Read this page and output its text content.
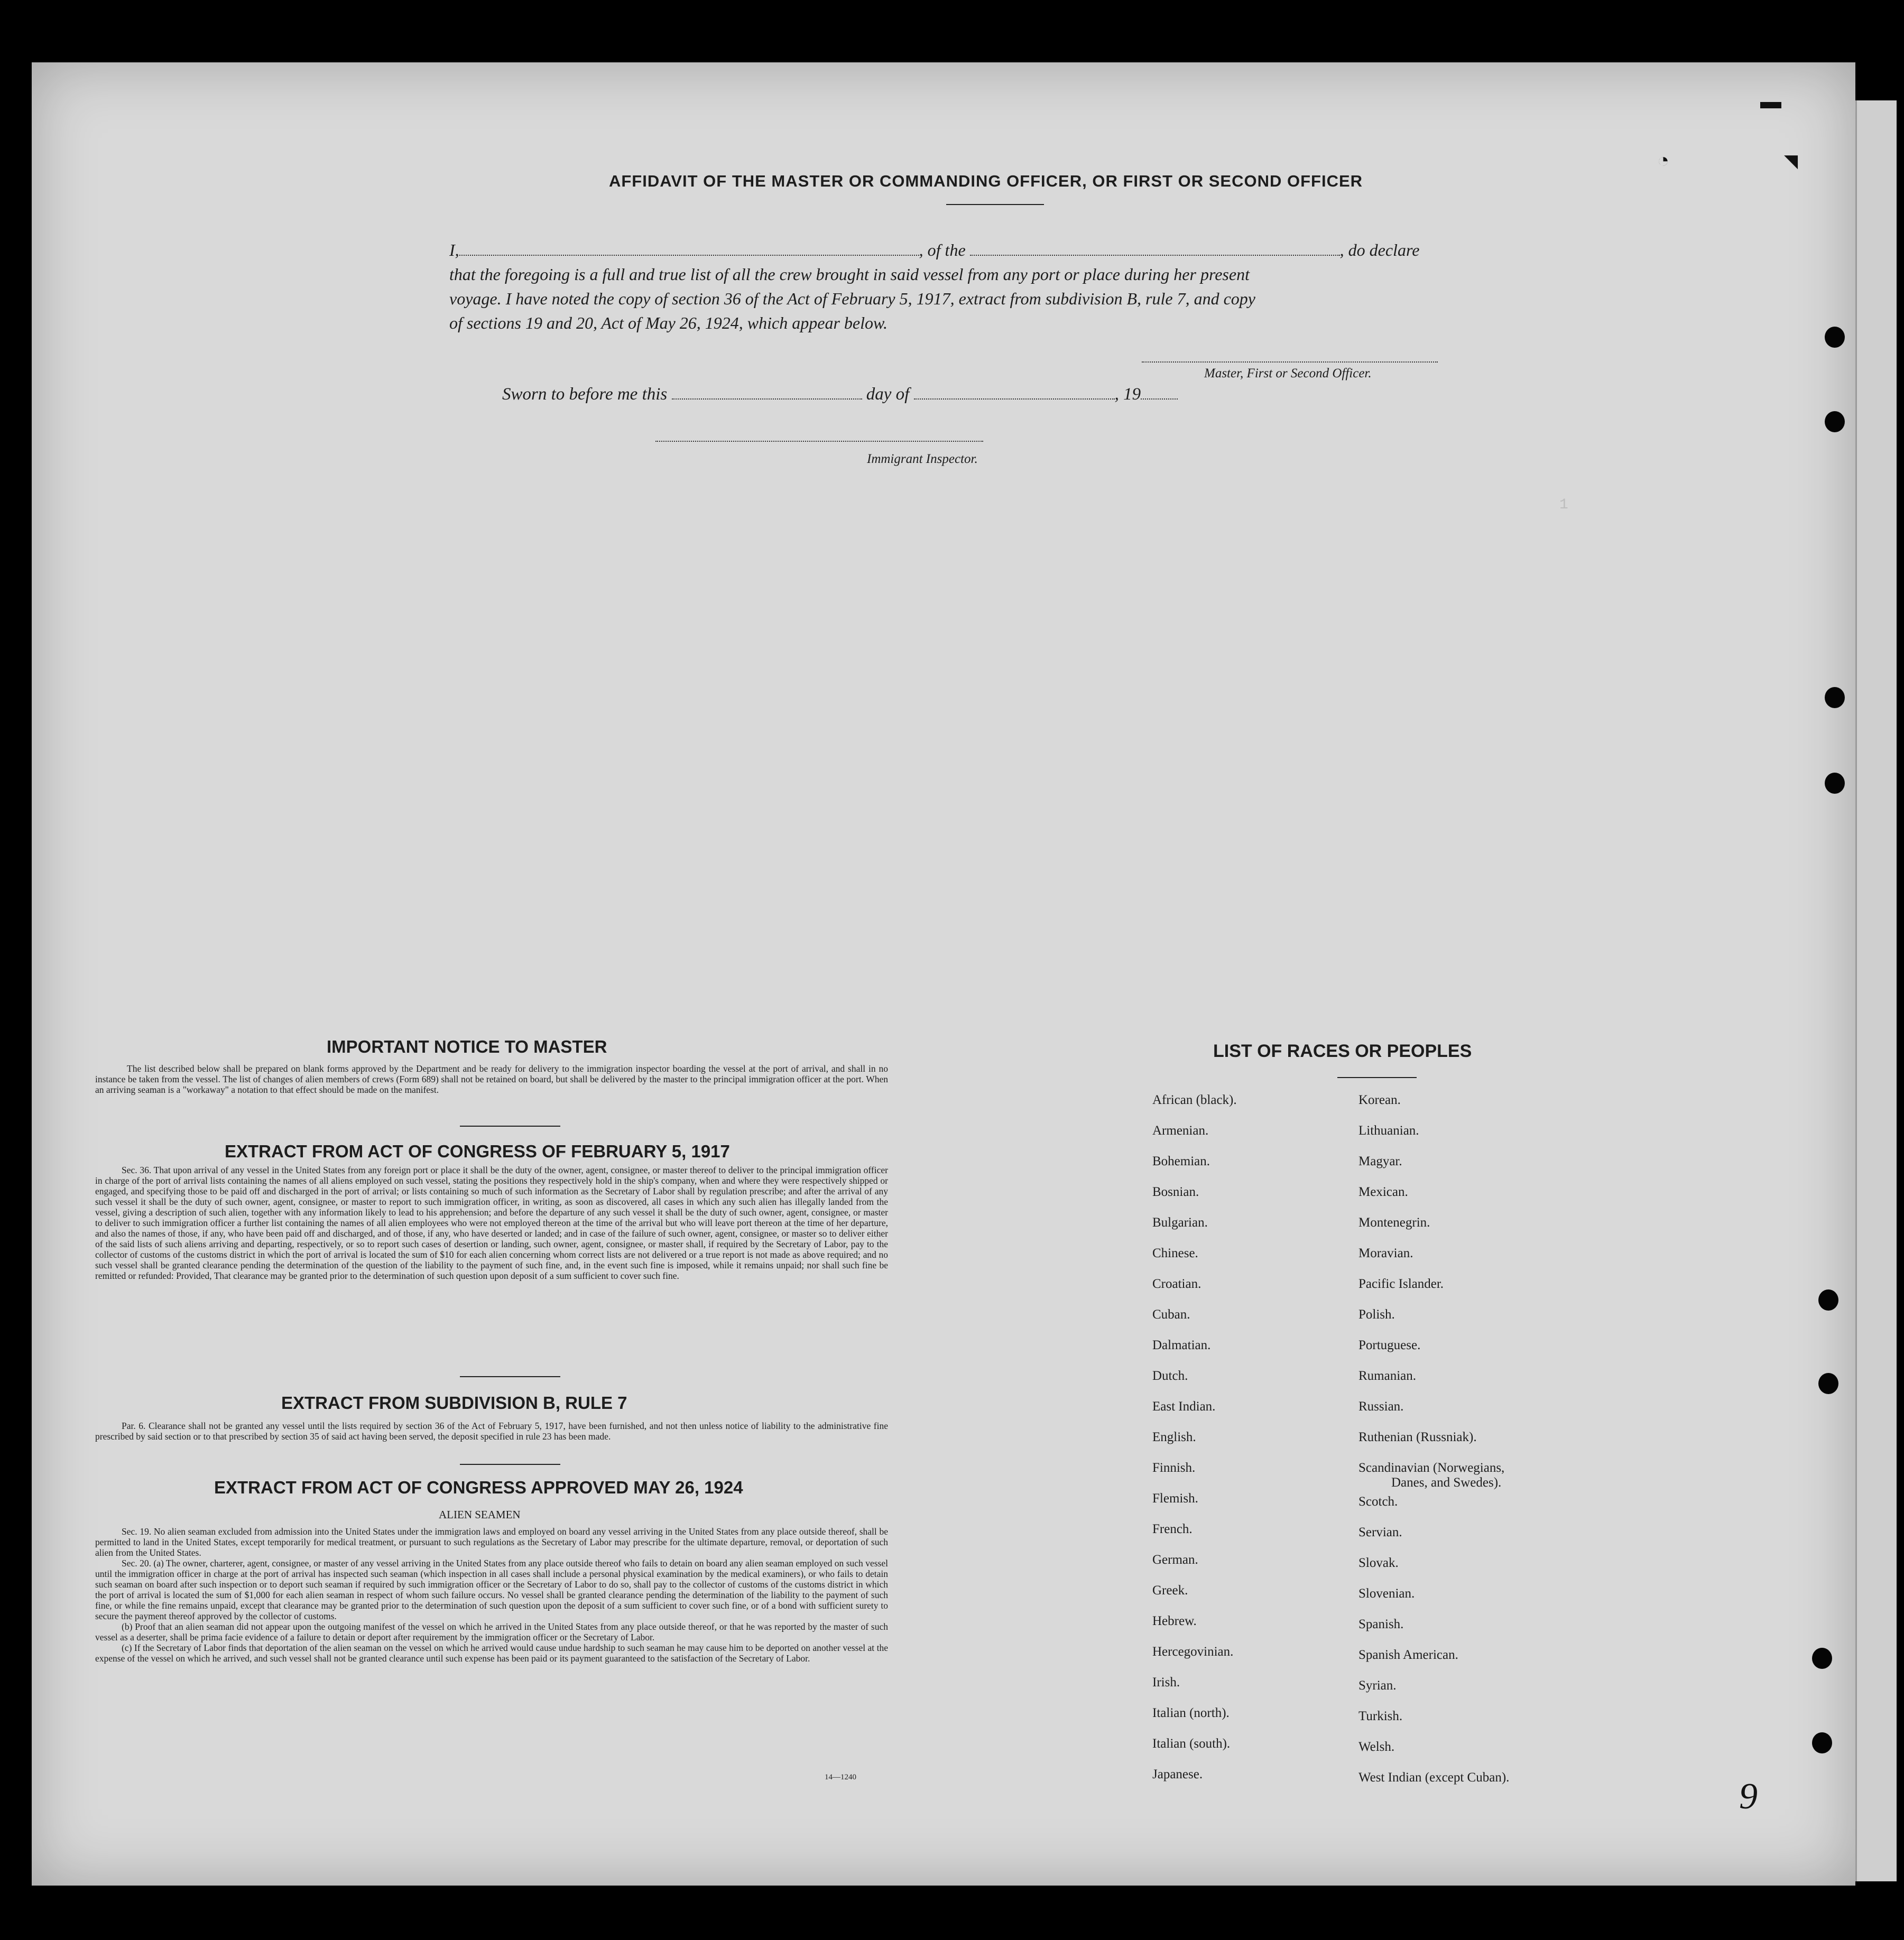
▬
◔	◥
1
AFFIDAVIT OF THE MASTER OR COMMANDING OFFICER, OR FIRST OR SECOND OFFICER
I,	, of the	, do declare
that the foregoing is a full and true list of all the crew brought in said vessel from any port or place during her present
voyage. I have noted the copy of section 36 of the Act of February 5, 1917, extract from subdivision B, rule 7, and copy
of sections 19 and 20, Act of May 26, 1924, which appear below.
Master, First or Second Officer.
Sworn to before me this	day of	, 19
Immigrant Inspector.
IMPORTANT NOTICE TO MASTER

The list described below shall be prepared on blank forms approved by the Department and be ready for delivery to the immigration inspector boarding the vessel at the port of arrival, and shall in no instance be taken from the vessel. The list of changes of alien members of crews (Form 689) shall not be retained on board, but shall be delivered by the master to the principal immigration officer at the port. When an arriving seaman is a "workaway" a notation to that effect should be made on the manifest.

EXTRACT FROM ACT OF CONGRESS OF FEBRUARY 5, 1917

Sec. 36. That upon arrival of any vessel in the United States from any foreign port or place it shall be the duty of the owner, agent, consignee, or master thereof to deliver to the principal immigration officer in charge of the port of arrival lists containing the names of all aliens employed on such vessel, stating the positions they respectively hold in the ship's company, when and where they were respectively shipped or engaged, and specifying those to be paid off and discharged in the port of arrival; or lists containing so much of such information as the Secretary of Labor shall by regulation prescribe; and after the arrival of any such vessel it shall be the duty of such owner, agent, consignee, or master to report to such immigration officer, in writing, as soon as discovered, all cases in which any such alien has illegally landed from the vessel, giving a description of such alien, together with any information likely to lead to his apprehension; and before the departure of any such vessel it shall be the duty of such owner, agent, consignee, or master to deliver to such immigration officer a further list containing the names of all alien employees who were not employed thereon at the time of the arrival but who will leave port thereon at the time of her departure, and also the names of those, if any, who have been paid off and discharged, and of those, if any, who have deserted or landed; and in case of the failure of such owner, agent, consignee, or master so to deliver either of the said lists of such aliens arriving and departing, respectively, or so to report such cases of desertion or landing, such owner, agent, consignee, or master shall, if required by the Secretary of Labor, pay to the collector of customs of the customs district in which the port of arrival is located the sum of $10 for each alien concerning whom correct lists are not delivered or a true report is not made as above required; and no such vessel shall be granted clearance pending the determination of the question of the liability to the payment of such fine, and, in the event such fine is imposed, while it remains unpaid; nor shall such fine be remitted or refunded: Provided, That clearance may be granted prior to the determination of such question upon deposit of a sum sufficient to cover such fine.

EXTRACT FROM SUBDIVISION B, RULE 7

Par. 6. Clearance shall not be granted any vessel until the lists required by section 36 of the Act of February 5, 1917, have been furnished, and not then unless notice of liability to the administrative fine prescribed by said section or to that prescribed by section 35 of said act having been served, the deposit specified in rule 23 has been made.

EXTRACT FROM ACT OF CONGRESS APPROVED MAY 26, 1924
ALIEN SEAMEN

Sec. 19. No alien seaman excluded from admission into the United States under the immigration laws and employed on board any vessel arriving in the United States from any place outside thereof, shall be permitted to land in the United States, except temporarily for medical treatment, or pursuant to such regulations as the Secretary of Labor may prescribe for the ultimate departure, removal, or deportation of such alien from the United States.

Sec. 20. (a) The owner, charterer, agent, consignee, or master of any vessel arriving in the United States from any place outside thereof who fails to detain on board any alien seaman employed on such vessel until the immigration officer in charge at the port of arrival has inspected such seaman (which inspection in all cases shall include a personal physical examination by the medical examiners), or who fails to detain such seaman on board after such inspection or to deport such seaman if required by such immigration officer or the Secretary of Labor to do so, shall pay to the collector of customs of the customs district in which the port of arrival is located the sum of $1,000 for each alien seaman in respect of whom such failure occurs. No vessel shall be granted clearance pending the determination of the liability to the payment of such fine, or while the fine remains unpaid, except that clearance may be granted prior to the determination of such question upon the deposit of a sum sufficient to cover such fine, or of a bond with sufficient surety to secure the payment thereof approved by the collector of customs.

(b) Proof that an alien seaman did not appear upon the outgoing manifest of the vessel on which he arrived in the United States from any place outside thereof, or that he was reported by the master of such vessel as a deserter, shall be prima facie evidence of a failure to detain or deport after requirement by the immigration officer or the Secretary of Labor.

(c) If the Secretary of Labor finds that deportation of the alien seaman on the vessel on which he arrived would cause undue hardship to such seaman he may cause him to be deported on another vessel at the expense of the vessel on which he arrived, and such vessel shall not be granted clearance until such expense has been paid or its payment guaranteed to the satisfaction of the Secretary of Labor.

14—1240
LIST OF RACES OR PEOPLES
African (black).
Armenian.
Bohemian.
Bosnian.
Bulgarian.
Chinese.
Croatian.
Cuban.
Dalmatian.
Dutch.
East Indian.
English.
Finnish.
Flemish.
French.
German.
Greek.
Hebrew.
Hercegovinian.
Irish.
Italian (north).
Italian (south).
Japanese.
Korean.
Lithuanian.
Magyar.
Mexican.
Montenegrin.
Moravian.
Pacific Islander.
Polish.
Portuguese.
Rumanian.
Russian.
Ruthenian (Russniak).
Scandinavian (Norwegians,
Danes, and Swedes).
Scotch.
Servian.
Slovak.
Slovenian.
Spanish.
Spanish American.
Syrian.
Turkish.
Welsh.
West Indian (except Cuban).	9
